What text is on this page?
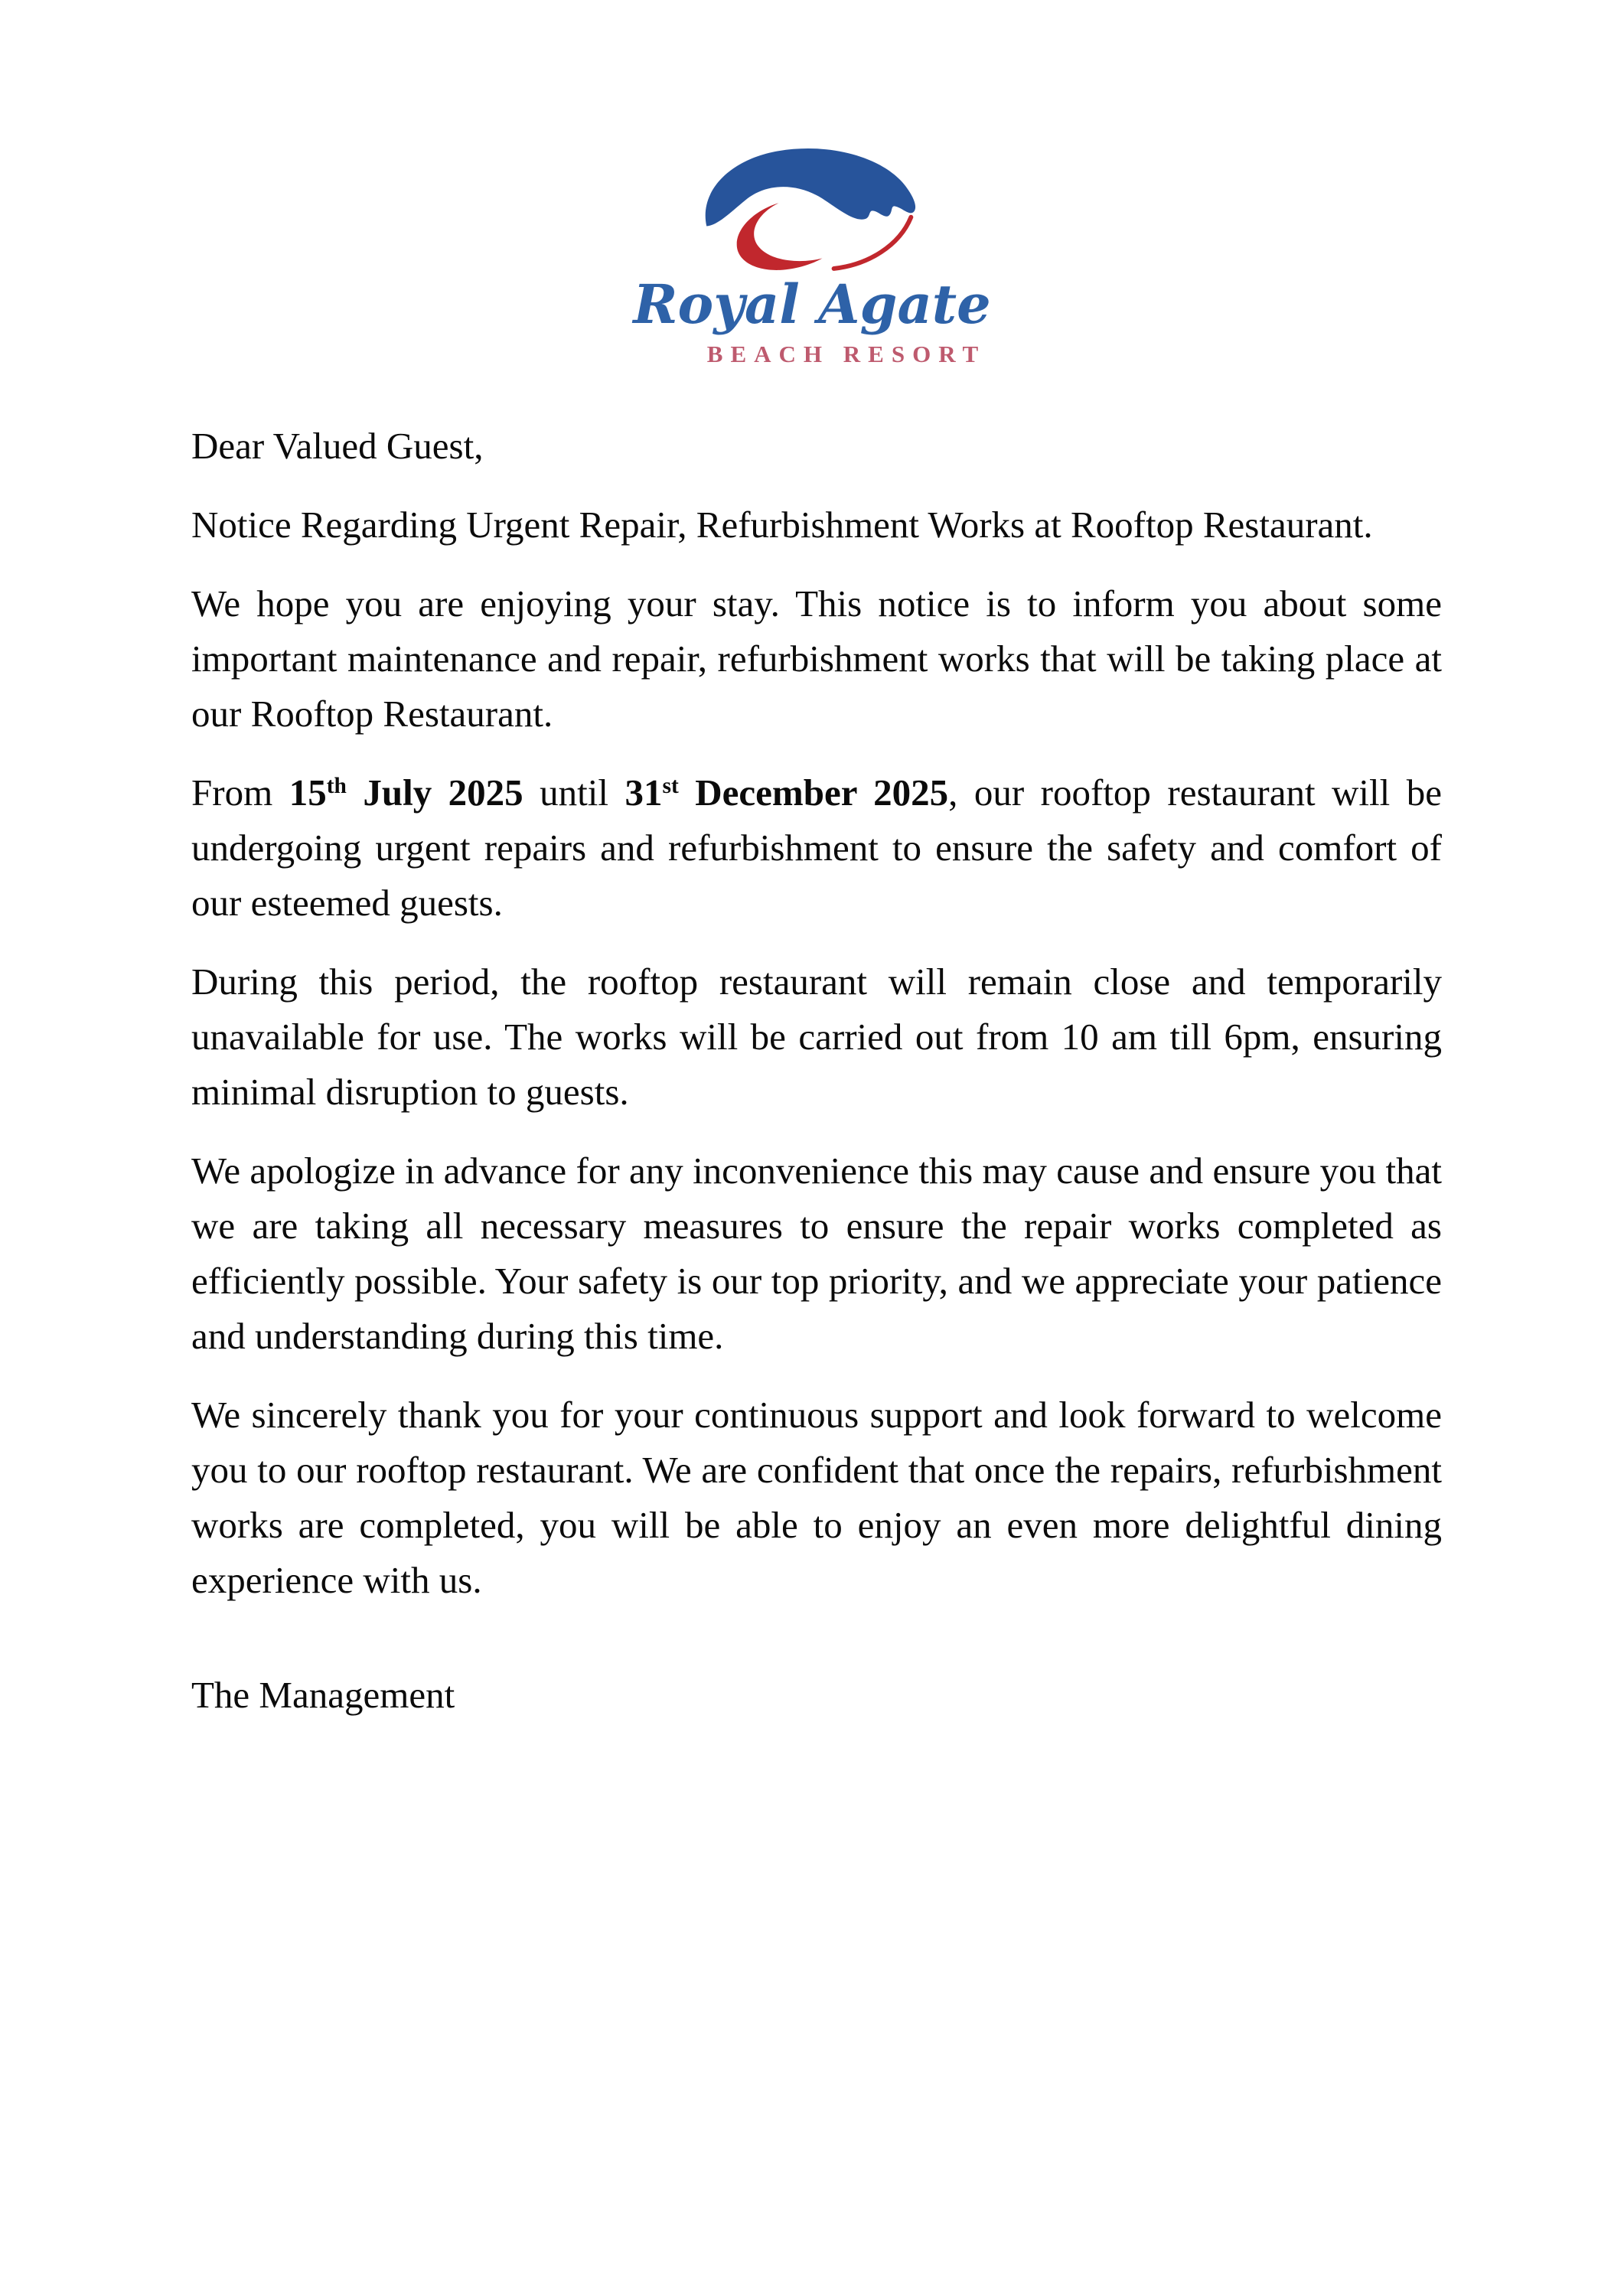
Royal Agate
BEACH RESORT

Dear Valued Guest,

Notice Regarding Urgent Repair, Refurbishment Works at Rooftop Restaurant.

We hope you are enjoying your stay. This notice is to inform you about some important maintenance and repair, refurbishment works that will be taking place at our Rooftop Restaurant.

From 15th July 2025 until 31st December 2025, our rooftop restaurant will be undergoing urgent repairs and refurbishment to ensure the safety and comfort of our esteemed guests.

During this period, the rooftop restaurant will remain close and temporarily unavailable for use. The works will be carried out from 10 am till 6pm, ensuring minimal disruption to guests.

We apologize in advance for any inconvenience this may cause and ensure you that we are taking all necessary measures to ensure the repair works completed as efficiently possible. Your safety is our top priority, and we appreciate your patience and understanding during this time.

We sincerely thank you for your continuous support and look forward to welcome you to our rooftop restaurant. We are confident that once the repairs, refurbishment works are completed, you will be able to enjoy an even more delightful dining experience with us.

The Management
